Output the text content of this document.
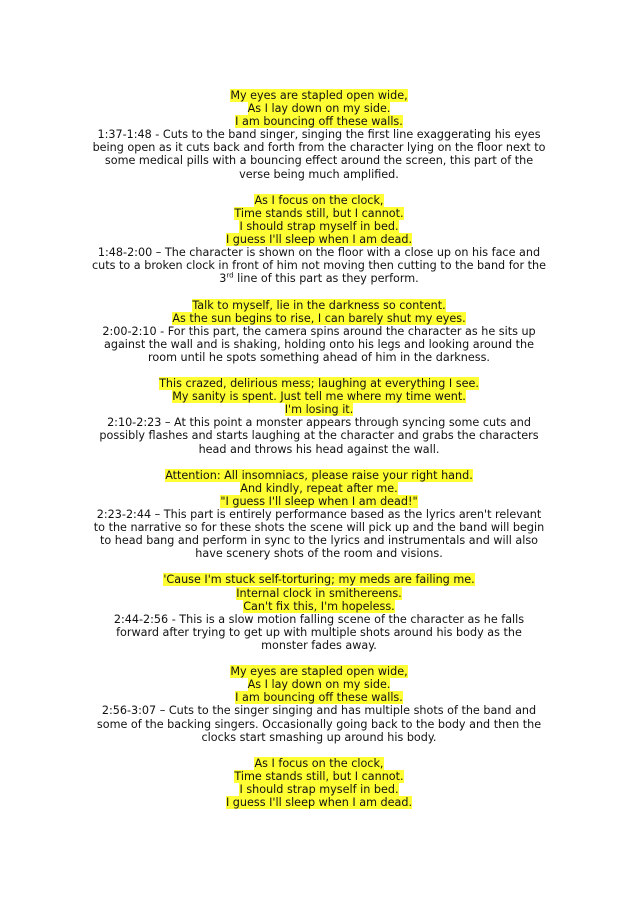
My eyes are stapled open wide,
As I lay down on my side.
I am bouncing off these walls.
1:37-1:48 - Cuts to the band singer, singing the first line exaggerating his eyes being open as it cuts back and forth from the character lying on the floor next to some medical pills with a bouncing effect around the screen, this part of the verse being much amplified.
As I focus on the clock,
Time stands still, but I cannot.
I should strap myself in bed.
I guess I'll sleep when I am dead.
1:48-2:00 – The character is shown on the floor with a close up on his face and cuts to a broken clock in front of him not moving then cutting to the band for the 3rd line of this part as they perform.
Talk to myself, lie in the darkness so content.
As the sun begins to rise, I can barely shut my eyes.
2:00-2:10 - For this part, the camera spins around the character as he sits up against the wall and is shaking, holding onto his legs and looking around the room until he spots something ahead of him in the darkness.
This crazed, delirious mess; laughing at everything I see.
My sanity is spent. Just tell me where my time went.
I'm losing it.
2:10-2:23 – At this point a monster appears through syncing some cuts and possibly flashes and starts laughing at the character and grabs the characters head and throws his head against the wall.
Attention: All insomniacs, please raise your right hand.
And kindly, repeat after me.
"I guess I'll sleep when I am dead!"
2:23-2:44 – This part is entirely performance based as the lyrics aren't relevant to the narrative so for these shots the scene will pick up and the band will begin to head bang and perform in sync to the lyrics and instrumentals and will also have scenery shots of the room and visions.
'Cause I'm stuck self-torturing; my meds are failing me.
Internal clock in smithereens.
Can't fix this, I'm hopeless.
2:44-2:56 - This is a slow motion falling scene of the character as he falls forward after trying to get up with multiple shots around his body as the monster fades away.
My eyes are stapled open wide,
As I lay down on my side.
I am bouncing off these walls.
2:56-3:07 – Cuts to the singer singing and has multiple shots of the band and some of the backing singers. Occasionally going back to the body and then the clocks start smashing up around his body.
As I focus on the clock,
Time stands still, but I cannot.
I should strap myself in bed.
I guess I'll sleep when I am dead.
